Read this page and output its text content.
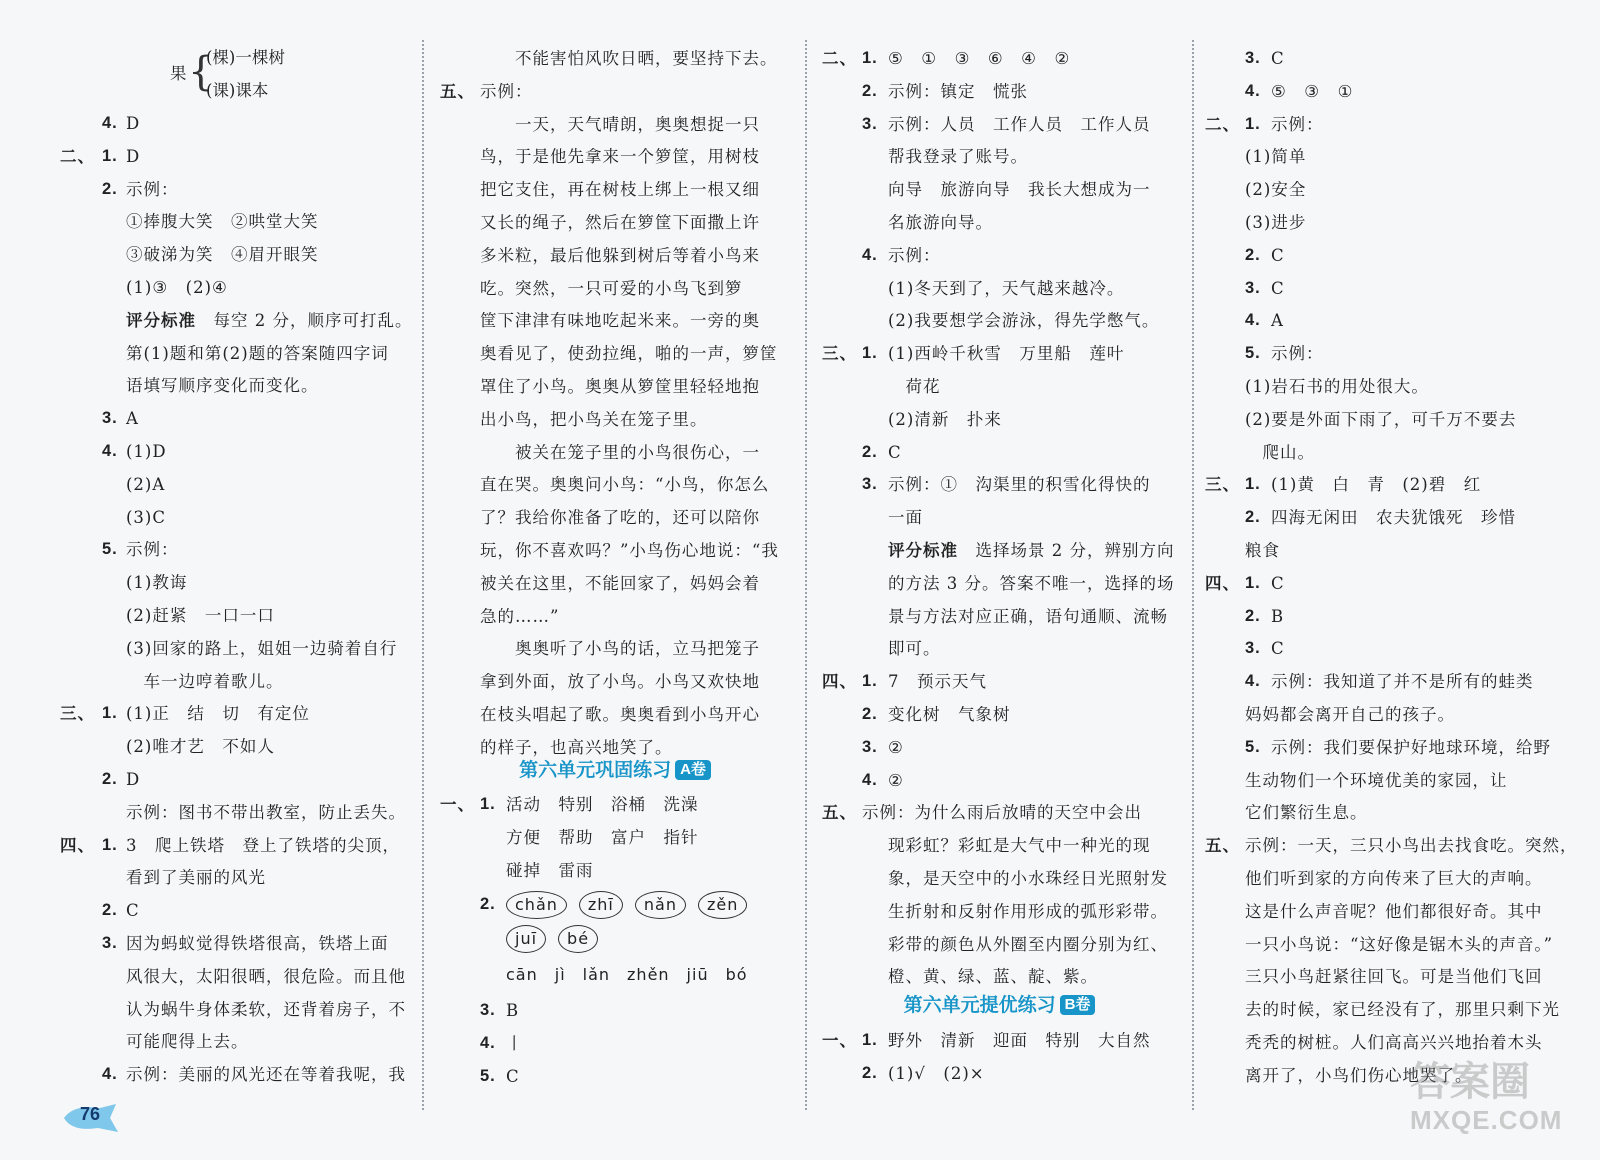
果 {
(棵)一棵树
(课)课本
4. D
二、 1. D
2. 示例：
①捧腹大笑　②哄堂大笑
③破涕为笑　④眉开眼笑
(1)③　(2)④
评分标准　每空 2 分，顺序可打乱。
第(1)题和第(2)题的答案随四字词
语填写顺序变化而变化。
3. A
4. (1)D
(2)A
(3)C
5. 示例：
(1)教诲
(2)赶紧　一口一口
(3)回家的路上，姐姐一边骑着自行
　车一边哼着歌儿。
三、 1. (1)正　结　切　有定位
(2)唯才艺　不如人
2. D
示例：图书不带出教室，防止丢失。
四、 1. 3　爬上铁塔　登上了铁塔的尖顶，
看到了美丽的风光
2. C
3. 因为蚂蚁觉得铁塔很高，铁塔上面
风很大，太阳很晒，很危险。而且他
认为蜗牛身体柔软，还背着房子，不
可能爬得上去。
4. 示例：美丽的风光还在等着我呢，我
　　不能害怕风吹日晒，要坚持下去。
五、 示例：
　　一天，天气晴朗，奥奥想捉一只
鸟，于是他先拿来一个箩筐，用树枝
把它支住，再在树枝上绑上一根又细
又长的绳子，然后在箩筐下面撒上许
多米粒，最后他躲到树后等着小鸟来
吃。突然，一只可爱的小鸟飞到箩
筐下津津有味地吃起米来。一旁的奥
奥看见了，使劲拉绳，啪的一声，箩筐
罩住了小鸟。奥奥从箩筐里轻轻地抱
出小鸟，把小鸟关在笼子里。
　　被关在笼子里的小鸟很伤心，一
直在哭。奥奥问小鸟：“小鸟，你怎么
了？我给你准备了吃的，还可以陪你
玩，你不喜欢吗？”小鸟伤心地说：“我
被关在这里，不能回家了，妈妈会着
急的……”
　　奥奥听了小鸟的话，立马把笼子
拿到外面，放了小鸟。小鸟又欢快地
在枝头唱起了歌。奥奥看到小鸟开心
的样子，也高兴地笑了。
第六单元巩固练习 A卷
一、 1. 活动　特别　浴桶　洗澡
方便　帮助　富户　指针
碰掉　雷雨
2.	chǎn zhī nǎn zěn
juī bé
cān　jì　lǎn　zhěn　jiū　bó
3. B
4. 丨
5. C
二、 1. ⑤　①　③　⑥　④　②
2. 示例：镇定　慌张
3. 示例：人员　工作人员　工作人员
帮我登录了账号。
向导　旅游向导　我长大想成为一
名旅游向导。
4. 示例：
(1)冬天到了，天气越来越冷。
(2)我要想学会游泳，得先学憋气。
三、 1. (1)西岭千秋雪　万里船　莲叶
　荷花
(2)清新　扑来
2. C
3. 示例：①　沟渠里的积雪化得快的
一面
评分标准　选择场景 2 分，辨别方向
的方法 3 分。答案不唯一，选择的场
景与方法对应正确，语句通顺、流畅
即可。
四、 1. 7　预示天气
2. 变化树　气象树
3. ②
4. ②
五、 示例：为什么雨后放晴的天空中会出
现彩虹？彩虹是大气中一种光的现
象，是天空中的小水珠经日光照射发
生折射和反射作用形成的弧形彩带。
彩带的颜色从外圈至内圈分别为红、
橙、黄、绿、蓝、靛、紫。
第六单元提优练习 B卷
一、 1. 野外　清新　迎面　特别　大自然
2. (1)√　(2)×
3. C
4. ⑤　③　①
二、 1. 示例：
(1)简单
(2)安全
(3)进步
2. C
3. C
4. A
5. 示例：
(1)岩石书的用处很大。
(2)要是外面下雨了，可千万不要去
　爬山。
三、 1. (1)黄　白　青　(2)碧　红
2. 四海无闲田　农夫犹饿死　珍惜
粮食
四、 1. C
2. B
3. C
4. 示例：我知道了并不是所有的蛙类
妈妈都会离开自己的孩子。
5. 示例：我们要保护好地球环境，给野
生动物们一个环境优美的家园，让
它们繁衍生息。
五、 示例：一天，三只小鸟出去找食吃。突然，
他们听到家的方向传来了巨大的声响。
这是什么声音呢？他们都很好奇。其中
一只小鸟说：“这好像是锯木头的声音。”
三只小鸟赶紧往回飞。可是当他们飞回
去的时候，家已经没有了，那里只剩下光
秃秃的树桩。人们高高兴兴地抬着木头
离开了，小鸟们伤心地哭了。
76
答案圈
MXQE.COM
